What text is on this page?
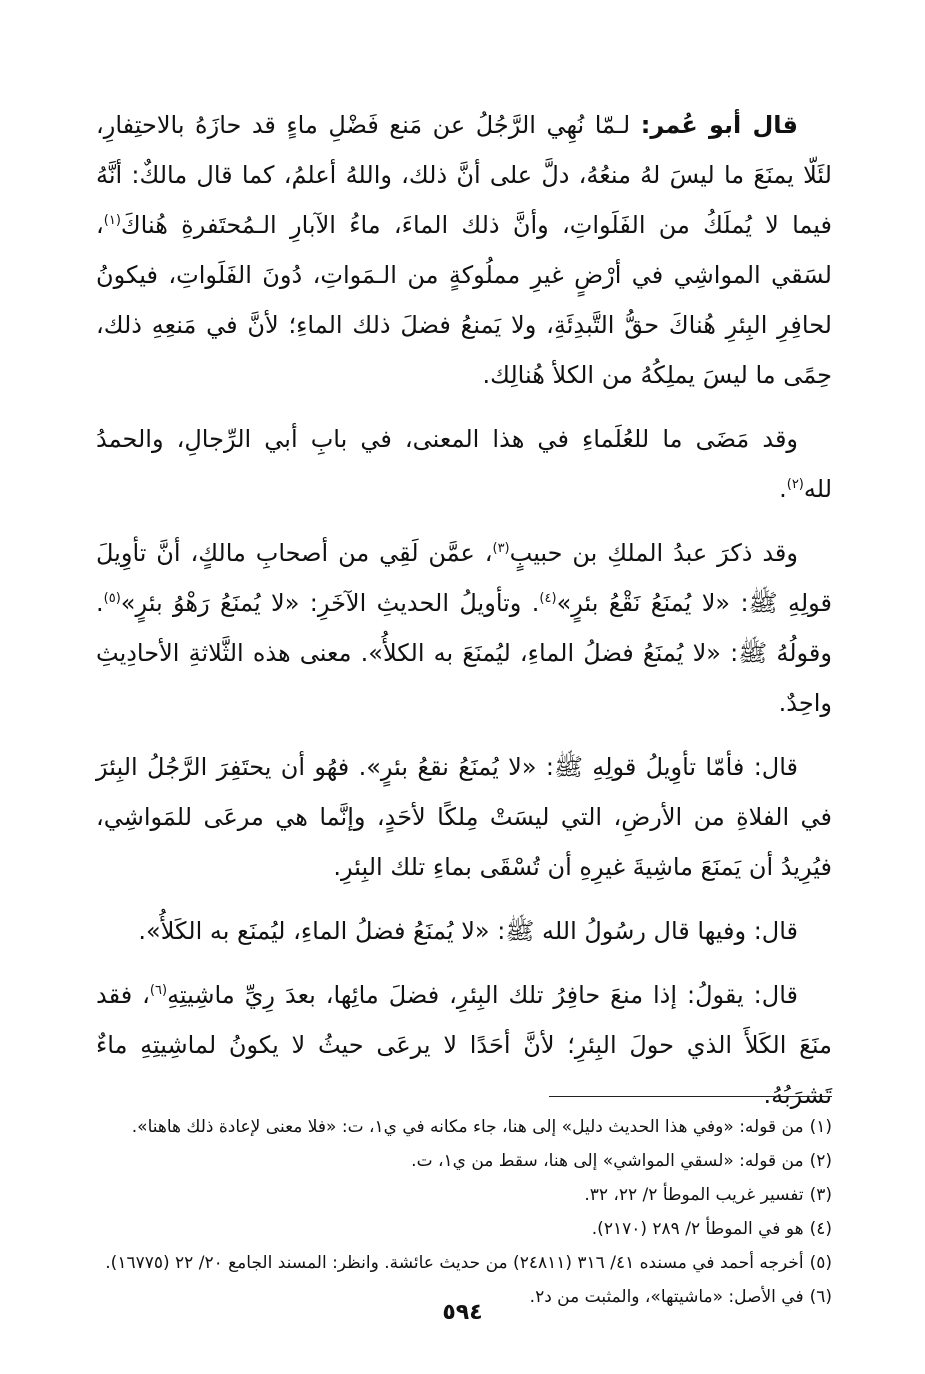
قال أبو عُمر: لـمّا نُهِي الرَّجُلُ عن مَنع فَضْلِ ماءٍ قد حازَهُ بالاحتِفارِ، لئَلّا يمنَعَ ما ليسَ لهُ منعُهُ، دلَّ على أنَّ ذلك، واللهُ أعلمُ، كما قال مالكٌ: أنَّهُ فيما لا يُملَكُ من الفَلَواتِ، وأنَّ ذلك الماءَ، ماءُ الآبارِ الـمُحتَفرةِ هُناكَ$^{(١)}$، لسَقي المواشِي في أرْضٍ غيرِ مملُوكةٍ من الـمَواتِ، دُونَ الفَلَواتِ، فيكونُ لحافِرِ البِئرِ هُناكَ حقُّ التَّبدِئَةِ، ولا يَمنعُ فضلَ ذلك الماءِ؛ لأنَّ في مَنعِهِ ذلك، حِمًى ما ليسَ يملِكُهُ من الكلأ هُنالِك.

وقد مَضَى ما للعُلَماءِ في هذا المعنى، في بابِ أبي الرِّجالِ، والحمدُ لله$^{(٢)}$.

وقد ذكرَ عبدُ الملكِ بن حبيبٍ$^{(٣)}$، عمَّن لَقِي من أصحابِ مالكٍ، أنَّ تأوِيلَ قولِهِ ﷺ: «لا يُمنَعُ نَقْعُ بئرٍ»$^{(٤)}$. وتأويلُ الحديثِ الآخَرِ: «لا يُمنَعُ رَهْوُ بئرٍ»$^{(٥)}$. وقولُهُ ﷺ: «لا يُمنَعُ فضلُ الماءِ، ليُمنَعَ به الكلأُ». معنى هذه الثَّلاثةِ الأحادِيثِ واحِدٌ.

قال: فأمّا تأوِيلُ قولِهِ ﷺ: «لا يُمنَعُ نقعُ بئرٍ». فهُو أن يحتَفِرَ الرَّجُلُ البِئرَ في الفلاةِ من الأرضِ، التي ليسَتْ مِلكًا لأحَدٍ، وإنَّما هي مرعَى للمَواشِي، فيُرِيدُ أن يَمنَعَ ماشِيةَ غيرِهِ أن تُسْقَى بماءِ تلك البِئرِ.

قال: وفيها قال رسُولُ الله ﷺ: «لا يُمنَعُ فضلُ الماءِ، ليُمنَع به الكَلأُ».

قال: يقولُ: إذا منعَ حافِرُ تلك البِئرِ، فضلَ مائِها، بعدَ رِيِّ ماشِيتِهِ$^{(٦)}$، فقد منَعَ الكَلأَ الذي حولَ البِئرِ؛ لأنَّ أحَدًا لا يرعَى حيثُ لا يكونُ لماشِيتِهِ ماءٌ تَشرَبُهُ.

(١)من قوله: «وفي هذا الحديث دليل» إلى هنا، جاء مكانه في ي١، ت: «فلا معنى لإعادة ذلك هاهنا».
(٢)من قوله: «لسقي المواشي» إلى هنا، سقط من ي١، ت.
(٣)تفسير غريب الموطأ ٢/ ٢٢، ٣٢.
(٤)هو في الموطأ ٢/ ٢٨٩ (٢١٧٠).
(٥)أخرجه أحمد في مسنده ٤١/ ٣١٦ (٢٤٨١١) من حديث عائشة. وانظر: المسند الجامع ٢٠/ ٢٢ (١٦٧٧٥).
(٦)في الأصل: «ماشيتها»، والمثبت من د٢.
٥٩٤
